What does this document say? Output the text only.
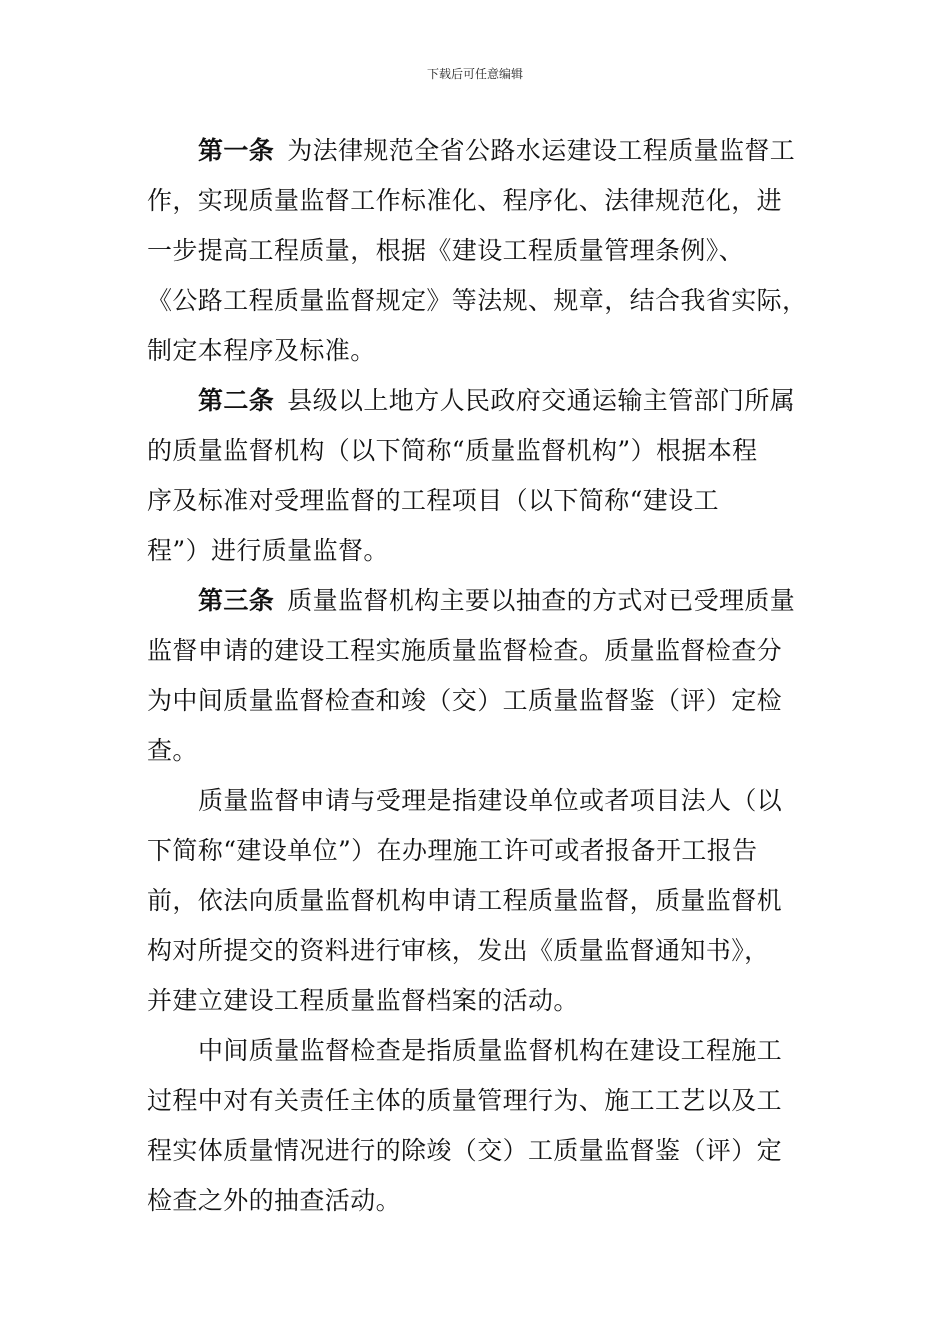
下载后可任意编辑
第一条 为法律规范全省公路水运建设工程质量监督工
作，实现质量监督工作标准化、程序化、法律规范化，进
一步提高工程质量，根据《建设工程质量管理条例》、
《公路工程质量监督规定》等法规、规章，结合我省实际，
制定本程序及标准。
第二条 县级以上地方人民政府交通运输主管部门所属
的质量监督机构（以下简称“质量监督机构”）根据本程
序及标准对受理监督的工程项目（以下简称“建设工
程”）进行质量监督。
第三条 质量监督机构主要以抽查的方式对已受理质量
监督申请的建设工程实施质量监督检查。质量监督检查分
为中间质量监督检查和竣（交）工质量监督鉴（评）定检
查。
质量监督申请与受理是指建设单位或者项目法人（以
下简称“建设单位”）在办理施工许可或者报备开工报告
前，依法向质量监督机构申请工程质量监督，质量监督机
构对所提交的资料进行审核，发出《质量监督通知书》，
并建立建设工程质量监督档案的活动。
中间质量监督检查是指质量监督机构在建设工程施工
过程中对有关责任主体的质量管理行为、施工工艺以及工
程实体质量情况进行的除竣（交）工质量监督鉴（评）定
检查之外的抽查活动。
